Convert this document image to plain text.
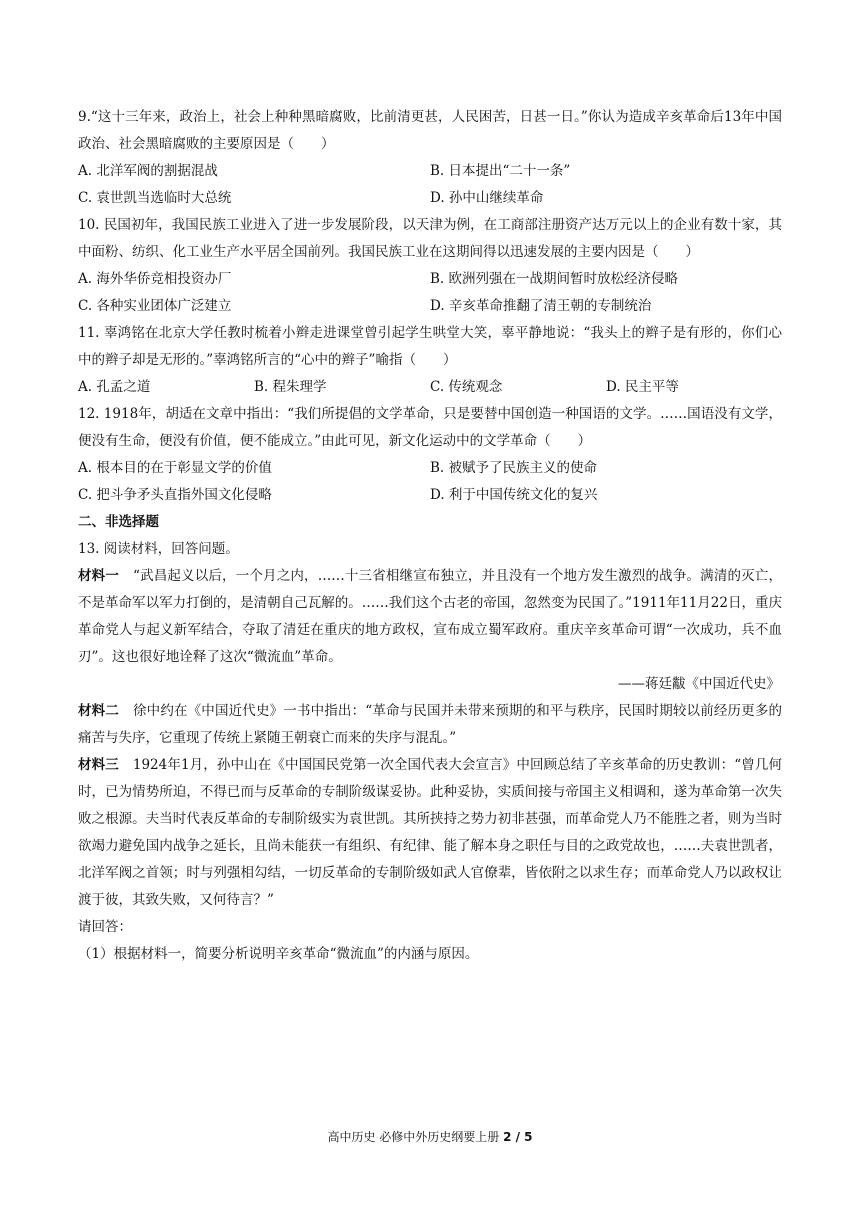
9.“这十三年来，政治上，社会上种种黑暗腐败，比前清更甚，人民困苦，日甚一日。”你认为造成辛亥革命后13年中国政治、社会黑暗腐败的主要原因是（　　）

A. 北洋军阀的割据混战	B. 日本提出“二十一条”
C. 袁世凯当选临时大总统	D. 孙中山继续革命

10. 民国初年，我国民族工业进入了进一步发展阶段，以天津为例，在工商部注册资产达万元以上的企业有数十家，其中面粉、纺织、化工业生产水平居全国前列。我国民族工业在这期间得以迅速发展的主要内因是（　　）

A. 海外华侨竞相投资办厂	B. 欧洲列强在一战期间暂时放松经济侵略
C. 各种实业团体广泛建立	D. 辛亥革命推翻了清王朝的专制统治

11. 辜鸿铭在北京大学任教时梳着小辫走进课堂曾引起学生哄堂大笑，辜平静地说：“我头上的辫子是有形的，你们心中的辫子却是无形的。”辜鸿铭所言的“心中的辫子”喻指（　　）

A. 孔孟之道	B. 程朱理学	C. 传统观念	D. 民主平等

12. 1918年，胡适在文章中指出：“我们所提倡的文学革命，只是要替中国创造一种国语的文学。……国语没有文学，便没有生命，便没有价值，便不能成立。”由此可见，新文化运动中的文学革命（　　）

A. 根本目的在于彰显文学的价值	B. 被赋予了民族主义的使命
C. 把斗争矛头直指外国文化侵略	D. 利于中国传统文化的复兴

二、非选择题

13. 阅读材料，回答问题。

材料一 “武昌起义以后，一个月之内，……十三省相继宣布独立，并且没有一个地方发生激烈的战争。满清的灭亡，不是革命军以军力打倒的，是清朝自己瓦解的。……我们这个古老的帝国，忽然变为民国了。”1911年11月22日，重庆革命党人与起义新军结合，夺取了清廷在重庆的地方政权，宣布成立蜀军政府。重庆辛亥革命可谓“一次成功，兵不血刃”。这也很好地诠释了这次“微流血”革命。

——蒋廷黻《中国近代史》

材料二 徐中约在《中国近代史》一书中指出：“革命与民国并未带来预期的和平与秩序，民国时期较以前经历更多的痛苦与失序，它重现了传统上紧随王朝衰亡而来的失序与混乱。”

材料三 1924年1月，孙中山在《中国国民党第一次全国代表大会宣言》中回顾总结了辛亥革命的历史教训：“曾几何时，已为情势所迫，不得已而与反革命的专制阶级谋妥协。此种妥协，实质间接与帝国主义相调和，遂为革命第一次失败之根源。夫当时代表反革命的专制阶级实为袁世凯。其所挟持之势力初非甚强，而革命党人乃不能胜之者，则为当时欲竭力避免国内战争之延长，且尚未能获一有组织、有纪律、能了解本身之职任与目的之政党故也，……夫袁世凯者，北洋军阀之首领；时与列强相勾结，一切反革命的专制阶级如武人官僚辈，皆依附之以求生存；而革命党人乃以政权让渡于彼，其致失败，又何待言？”

请回答：

（1）根据材料一，简要分析说明辛亥革命“微流血”的内涵与原因。

高中历史 必修中外历史纲要上册 2 / 5
